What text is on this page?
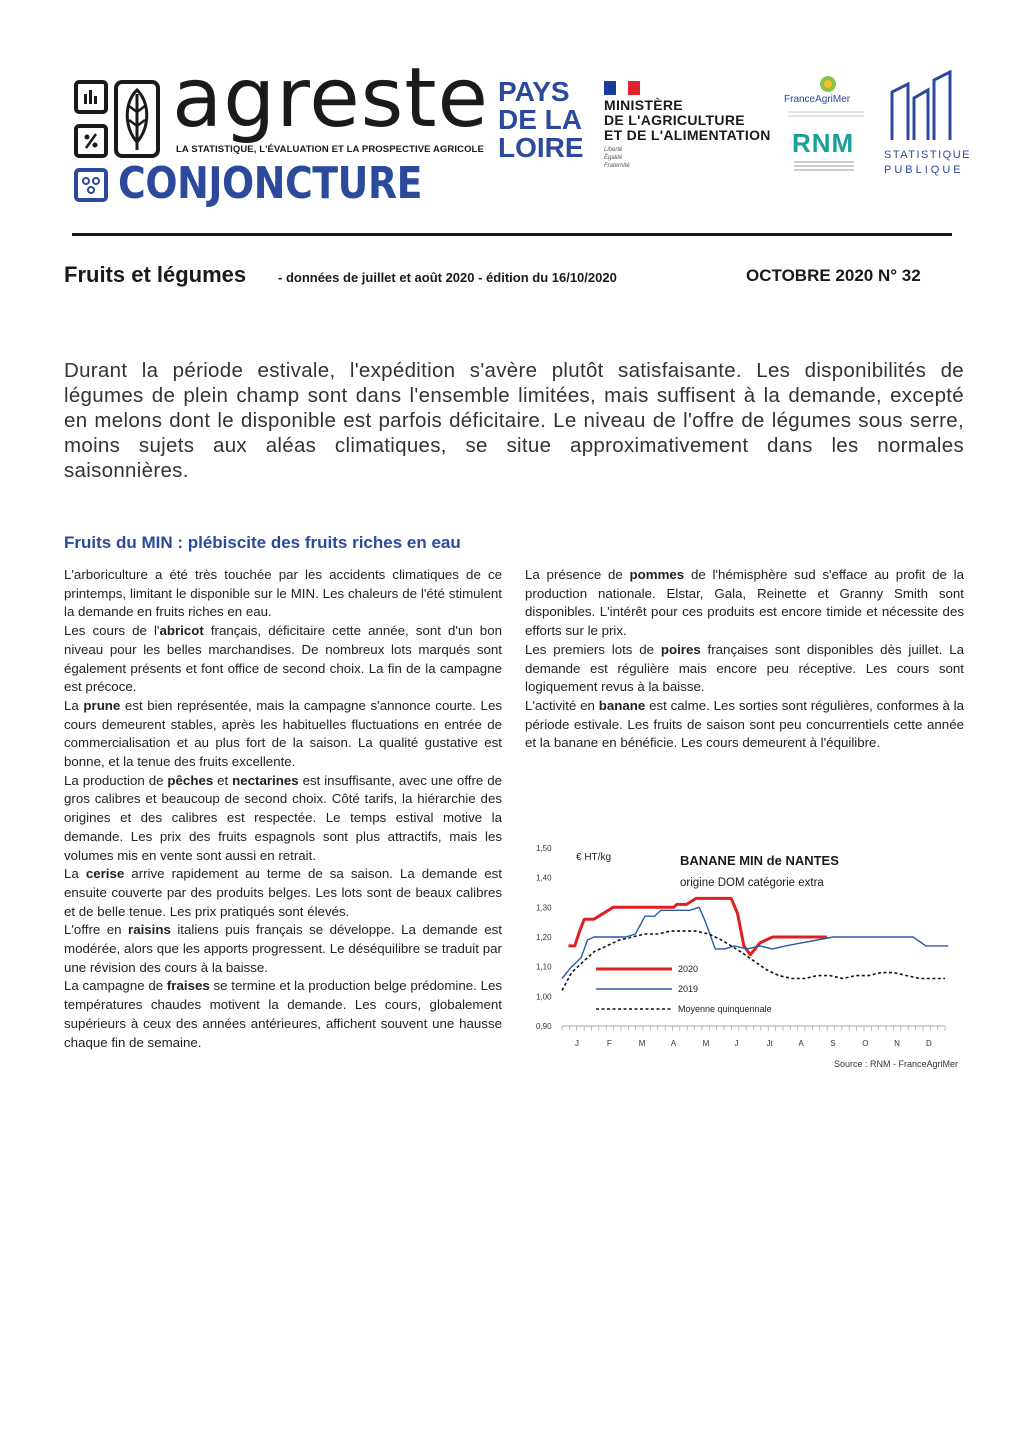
agreste
LA STATISTIQUE, L'ÉVALUATION ET LA PROSPECTIVE AGRICOLE
CONJONCTURE
PAYS
DE LA
LOIRE
MINISTÈRE
DE L'AGRICULTURE
ET DE L'ALIMENTATION
Liberté
Égalité
Fraternité
FranceAgriMer
RNM	STATISTIQUE
PUBLIQUE
Fruits et légumes - données de juillet et août 2020 - édition du 16/10/2020	OCTOBRE 2020 N° 32
Durant la période estivale, l'expédition s'avère plutôt satisfaisante. Les disponibilités de légumes de plein champ sont dans l'ensemble limitées, mais suffisent à la demande, excepté en melons dont le disponible est parfois déficitaire. Le niveau de l'offre de légumes sous serre, moins sujets aux aléas climatiques, se situe approximativement dans les normales saisonnières.
Fruits du MIN : plébiscite des fruits riches en eau

L'arboriculture a été très touchée par les accidents climatiques de ce printemps, limitant le disponible sur le MIN. Les chaleurs de l'été stimulent la demande en fruits riches en eau.

Les cours de l'abricot français, déficitaire cette année, sont d'un bon niveau pour les belles marchandises. De nombreux lots marqués sont également présents et font office de second choix. La fin de la campagne est précoce.

La prune est bien représentée, mais la campagne s'annonce courte. Les cours demeurent stables, après les habituelles fluctuations en entrée de commercialisation et au plus fort de la saison. La qualité gustative est bonne, et la tenue des fruits excellente.

La production de pêches et nectarines est insuffisante, avec une offre de gros calibres et beaucoup de second choix. Côté tarifs, la hiérarchie des origines et des calibres est respectée. Le temps estival motive la demande. Les prix des fruits espagnols sont plus attractifs, mais les volumes mis en vente sont aussi en retrait.

La cerise arrive rapidement au terme de sa saison. La demande est ensuite couverte par des produits belges. Les lots sont de beaux calibres et de belle tenue. Les prix pratiqués sont élevés.

L'offre en raisins italiens puis français se développe. La demande est modérée, alors que les apports progressent. Le déséquilibre se traduit par une révision des cours à la baisse.

La campagne de fraises se termine et la production belge prédomine. Les températures chaudes motivent la demande. Les cours, globalement supérieurs à ceux des années antérieures, affichent souvent une hausse chaque fin de semaine.

La présence de pommes de l'hémisphère sud s'efface au profit de la production nationale. Elstar, Gala, Reinette et Granny Smith sont disponibles. L'intérêt pour ces produits est encore timide et nécessite des efforts sur le prix.

Les premiers lots de poires françaises sont disponibles dès juillet. La demande est régulière mais encore peu réceptive. Les cours sont logiquement revus à la baisse.

L'activité en banane est calme. Les sorties sont régulières, conformes à la période estivale. Les fruits de saison sont peu concurrentiels cette année et la banane en bénéficie. Les cours demeurent à l'équilibre.

0,90
1,00
1,10
1,20
1,30
1,40
1,50
J	F	M	A	M	J	Jt	A	S	O	N	D
2020
2019
Moyenne quinquennale
€ HT/kg	BANANE MIN de NANTES
origine DOM catégorie extra
Source : RNM - FranceAgriMer
